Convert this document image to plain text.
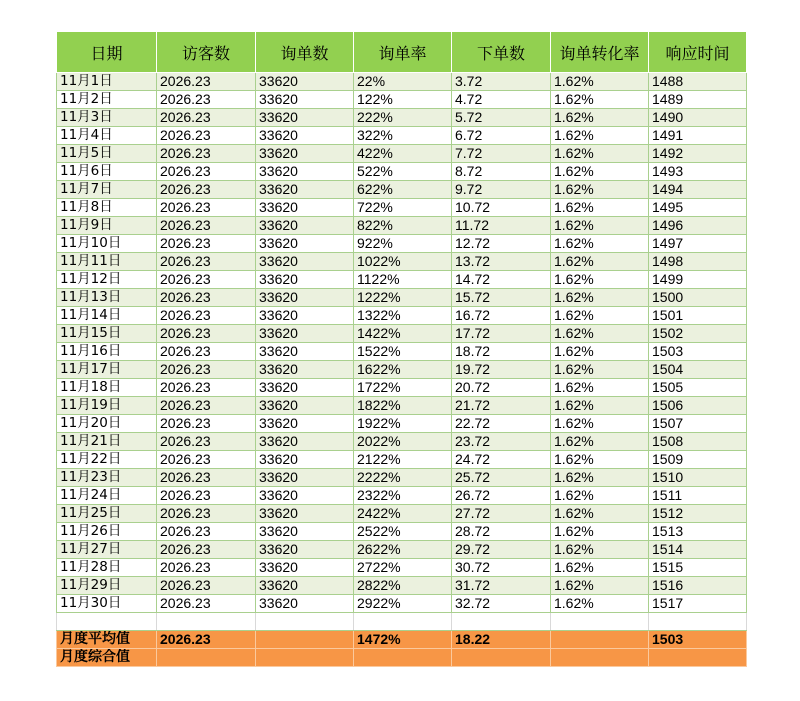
日期	访客数	询单数	询单率	下单数	询单转化率	响应时间
11月1日	2026.23	33620	22%	3.72	1.62%	1488
11月2日	2026.23	33620	122%	4.72	1.62%	1489
11月3日	2026.23	33620	222%	5.72	1.62%	1490
11月4日	2026.23	33620	322%	6.72	1.62%	1491
11月5日	2026.23	33620	422%	7.72	1.62%	1492
11月6日	2026.23	33620	522%	8.72	1.62%	1493
11月7日	2026.23	33620	622%	9.72	1.62%	1494
11月8日	2026.23	33620	722%	10.72	1.62%	1495
11月9日	2026.23	33620	822%	11.72	1.62%	1496
11月10日	2026.23	33620	922%	12.72	1.62%	1497
11月11日	2026.23	33620	1022%	13.72	1.62%	1498
11月12日	2026.23	33620	1122%	14.72	1.62%	1499
11月13日	2026.23	33620	1222%	15.72	1.62%	1500
11月14日	2026.23	33620	1322%	16.72	1.62%	1501
11月15日	2026.23	33620	1422%	17.72	1.62%	1502
11月16日	2026.23	33620	1522%	18.72	1.62%	1503
11月17日	2026.23	33620	1622%	19.72	1.62%	1504
11月18日	2026.23	33620	1722%	20.72	1.62%	1505
11月19日	2026.23	33620	1822%	21.72	1.62%	1506
11月20日	2026.23	33620	1922%	22.72	1.62%	1507
11月21日	2026.23	33620	2022%	23.72	1.62%	1508
11月22日	2026.23	33620	2122%	24.72	1.62%	1509
11月23日	2026.23	33620	2222%	25.72	1.62%	1510
11月24日	2026.23	33620	2322%	26.72	1.62%	1511
11月25日	2026.23	33620	2422%	27.72	1.62%	1512
11月26日	2026.23	33620	2522%	28.72	1.62%	1513
11月27日	2026.23	33620	2622%	29.72	1.62%	1514
11月28日	2026.23	33620	2722%	30.72	1.62%	1515
11月29日	2026.23	33620	2822%	31.72	1.62%	1516
11月30日	2026.23	33620	2922%	32.72	1.62%	1517

月度平均值	2026.23		1472%	18.22		1503
月度综合值						
